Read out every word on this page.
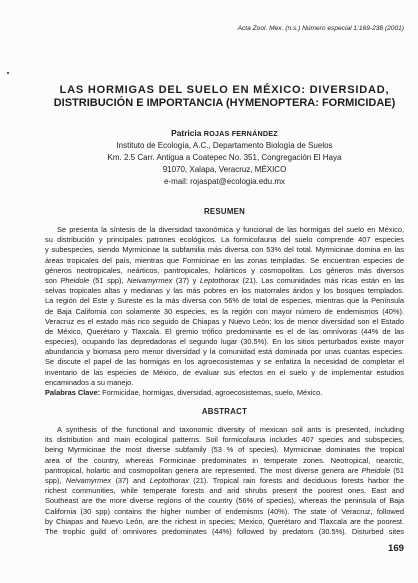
Acta Zool. Mex. (n.s.) Número especial 1:169-238 (2001)
LAS HORMIGAS DEL SUELO EN MÉXICO: DIVERSIDAD,
DISTRIBUCIÓN E IMPORTANCIA (HYMENOPTERA: FORMICIDAE)
Patricia ROJAS FERNÁNDEZ
Instituto de Ecología, A.C., Departamento Biología de Suelos
Km. 2.5 Carr. Antigua a Coatepec No. 351, Congregación El Haya
91070, Xalapa, Veracruz, MÉXICO
e-mail: rojaspat@ecologia.edu.mx
RESUMEN
Se presenta la síntesis de la diversidad taxonómica y funcional de las hormigas del suelo en México,
su distribución y principales patrones ecológicos. La formicofauna del suelo comprende 407 especies
y subespecies, siendo Myrmicinae la subfamilia más diversa con 53% del total. Myrmicinae domina en las
áreas tropicales del país, mientras que Formicinae en las zonas templadas. Se encuentran especies de
géneros neotropicales, neárticos, pantropicales, holárticos y cosmopolitas. Los géneros más diversos
son Pheidole (51 spp), Neivamyrmex (37) y Leptothorax (21). Las comunidades más ricas están en las
selvas tropicales altas y medianas y las más pobres en los matorrales áridos y los bosques templados.
La región del Este y Sureste es la más diversa con 56% de total de especies, mientras que la Península
de Baja California con solamente 30 especies, es la región con mayor número de endemismos (40%).
Veracruz es el estado más rico seguido de Chiapas y Nuevo León; los de menor diversidad son el Estado
de México, Querétaro y Tlaxcala. El gremio trófico predominante es el de las omnívoras (44% de las
especies), ocupando las depredadoras el segundo lugar (30.5%). En los sitios perturbados existe mayor
abundancia y biomasa pero menor diversidad y la comunidad está dominada por unas cuantas especies.
Se discute el papel de las hormigas en los agroecosistemas y se enfatiza la necesidad de completar el
inventario de las especies de México, de evaluar sus efectos en el suelo y de implementar estudios
encaminados a su manejo.
Palabras Clave: Formicidae, hormigas, diversidad, agroecosistemas, suelo, México.
ABSTRACT
A synthesis of the functional and taxonomic diversity of mexican soil ants is presented, including
its distribution and main ecological patterns. Soil formicofauna includes 407 species and subspecies,
being Myrmicinae the most diverse subfamily (53 % of species). Myrmicinae dominates the tropical
area of the country, whereas Formicinae predominates in temperate zones. Neotropical, nearctic,
pantropical, holartic and cosmopolitan genera are represented. The most diverse genera are Pheidole (51
spp), Neivamyrmex (37) and Leptothorax (21). Tropical rain forests and deciduous forests harbor the
richest communities, while temperate forests and arid shrubs present the poorest ones. East and
Southeast are the more diverse regions of the country (56% of species), whereas the peninsula of Baja
California (30 spp) contains the higher number of endemisms (40%). The state of Veracruz, followed
by Chiapas and Nuevo León, are the richest in species; Mexico, Querétaro and Tlaxcala are the poorest.
The trophic guild of omnivores predominates (44%) followed by predators (30.5%). Disturbed sites
169
